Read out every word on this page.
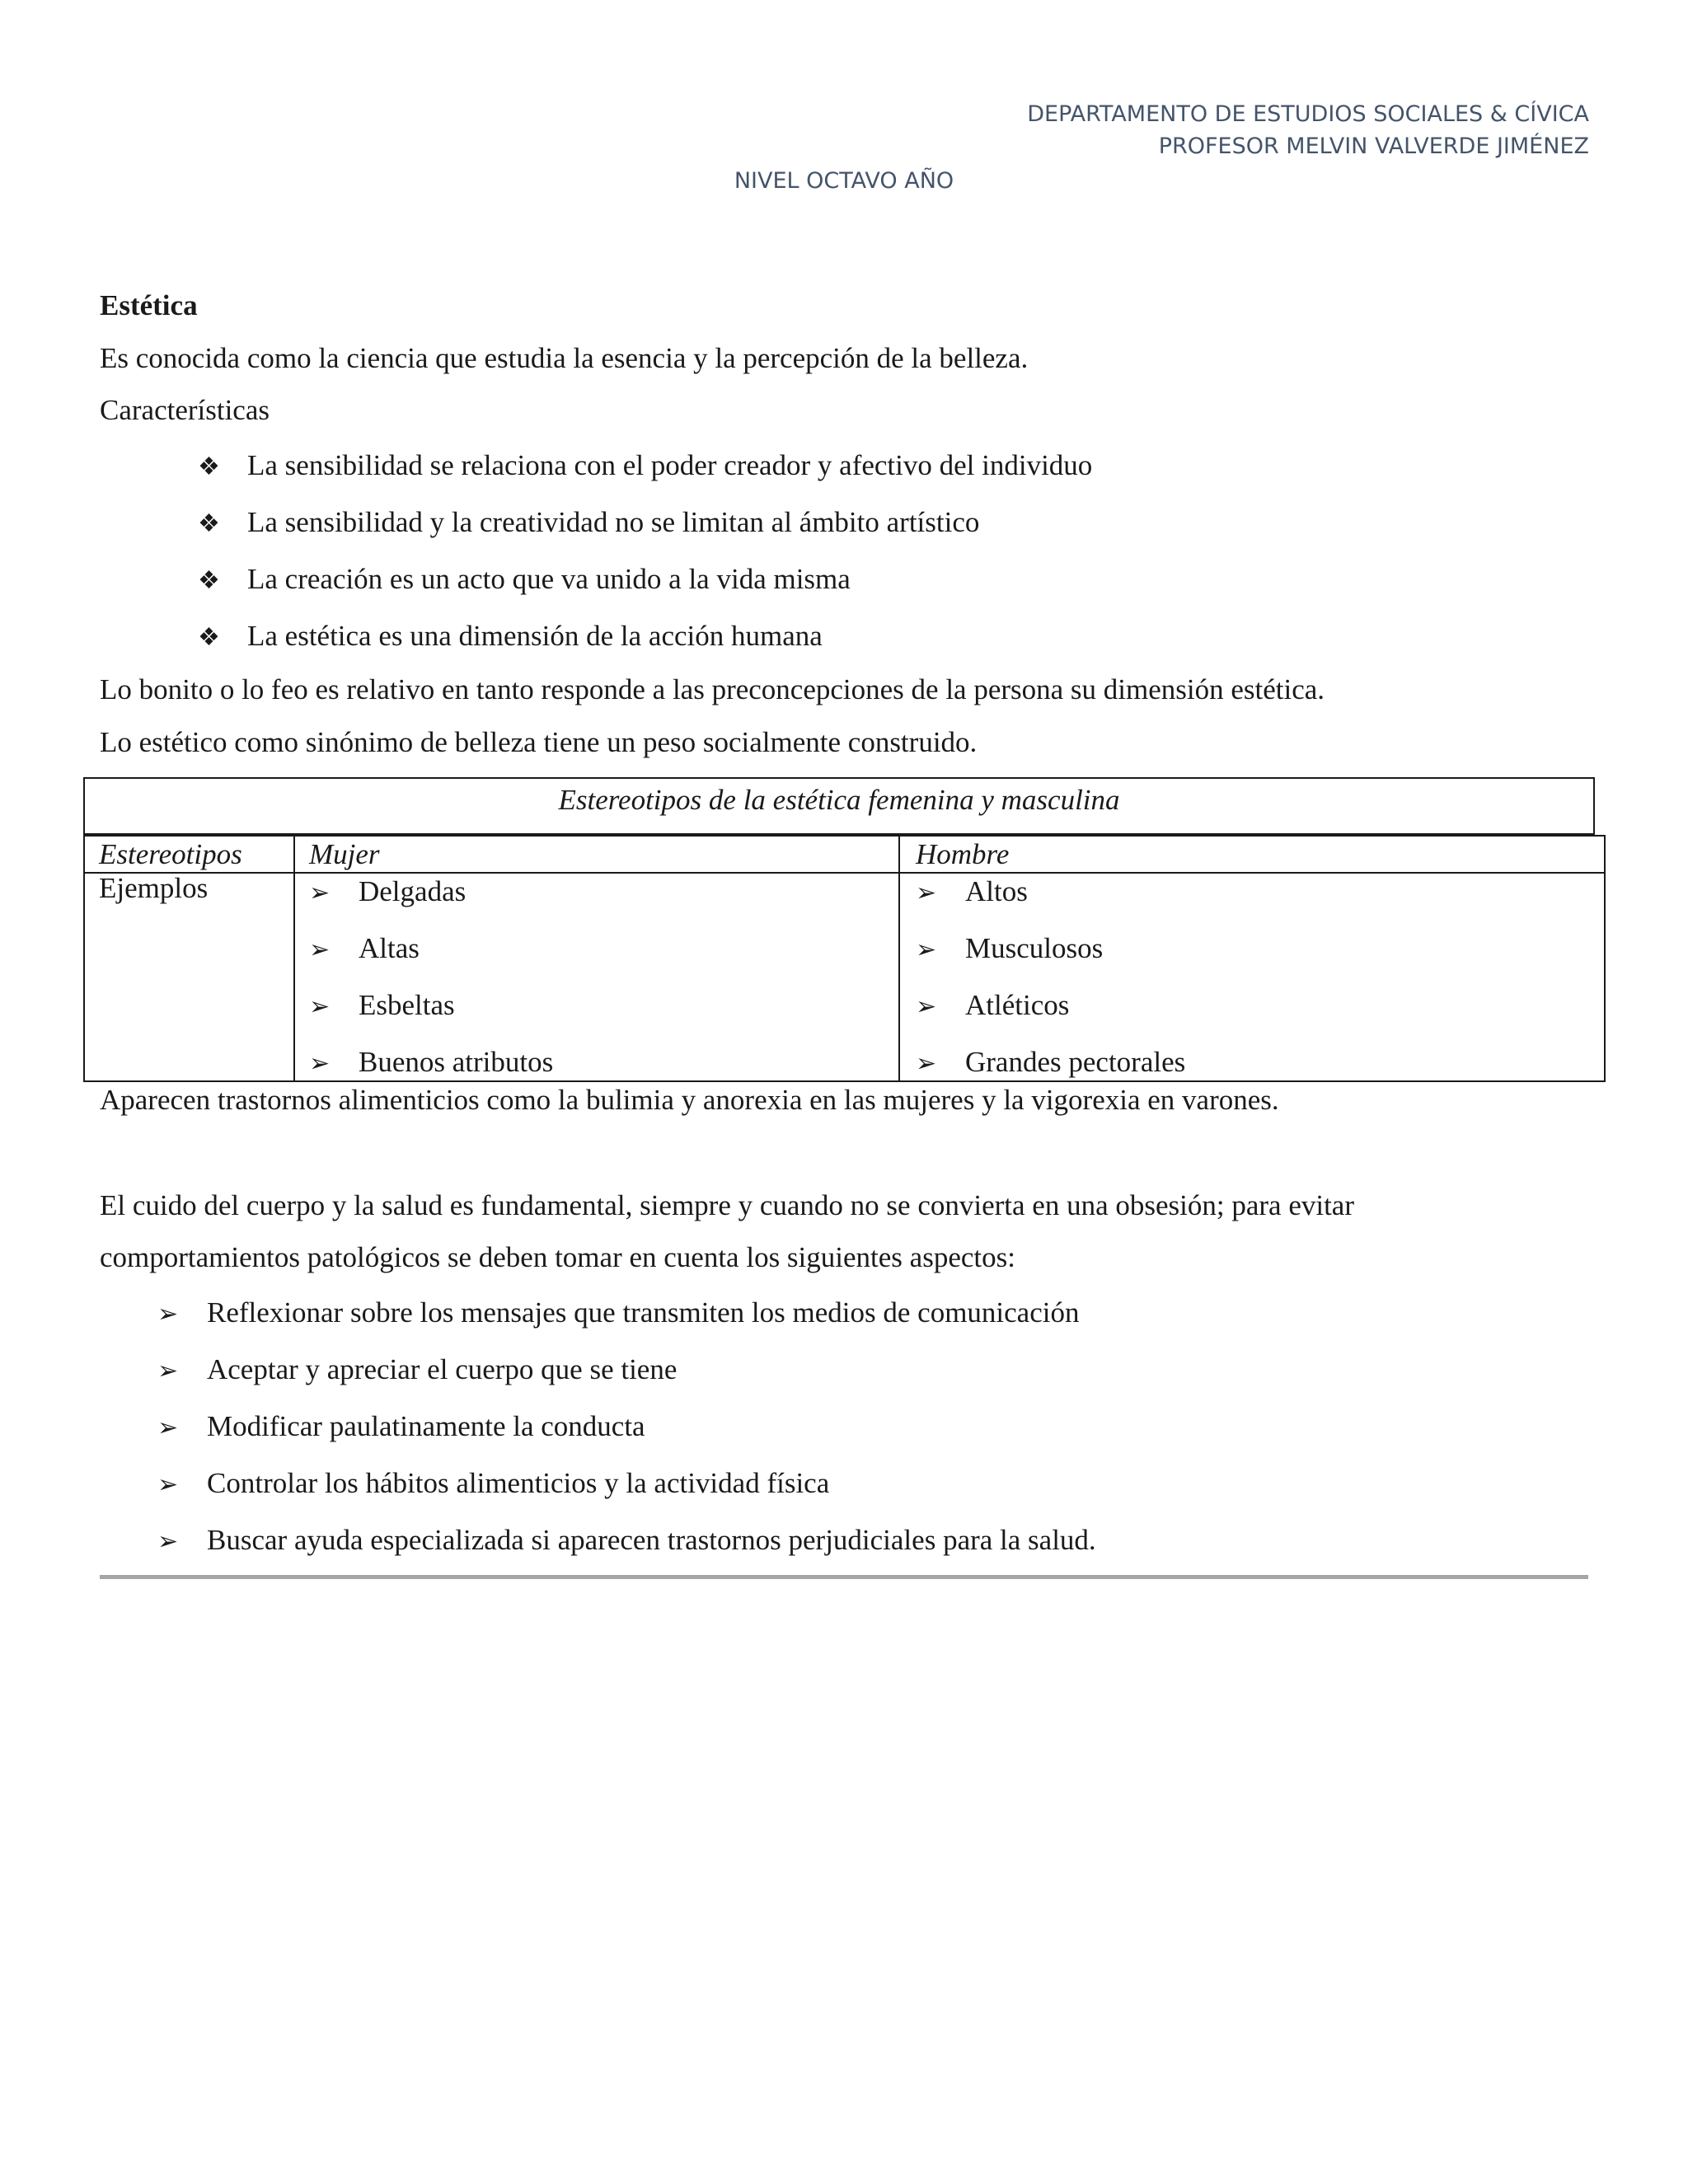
DEPARTAMENTO DE ESTUDIOS SOCIALES & CÍVICA
PROFESOR MELVIN VALVERDE JIMÉNEZ
NIVEL OCTAVO AÑO
Estética
Es conocida como la ciencia que estudia la esencia y la percepción de la belleza.
Características
❖ La sensibilidad se relaciona con el poder creador y afectivo del individuo
❖ La sensibilidad y la creatividad no se limitan al ámbito artístico
❖ La creación es un acto que va unido a la vida misma
❖ La estética es una dimensión de la acción humana
Lo bonito o lo feo es relativo en tanto responde a las preconcepciones de la persona su dimensión estética.
Lo estético como sinónimo de belleza tiene un peso socialmente construido.
Estereotipos de la estética femenina y masculina
Estereotipos Mujer	Hombre
Ejemplos	➢ Delgadas
➢ Altas
➢ Esbeltas
➢ Buenos atributos
➢ Altos
➢ Musculosos
➢ Atléticos
➢ Grandes pectorales
Aparecen trastornos alimenticios como la bulimia y anorexia en las mujeres y la vigorexia en varones.
El cuido del cuerpo y la salud es fundamental, siempre y cuando no se convierta en una obsesión; para evitar
comportamientos patológicos se deben tomar en cuenta los siguientes aspectos:
➢ Reflexionar sobre los mensajes que transmiten los medios de comunicación
➢ Aceptar y apreciar el cuerpo que se tiene
➢ Modificar paulatinamente la conducta
➢ Controlar los hábitos alimenticios y la actividad física
➢ Buscar ayuda especializada si aparecen trastornos perjudiciales para la salud.
